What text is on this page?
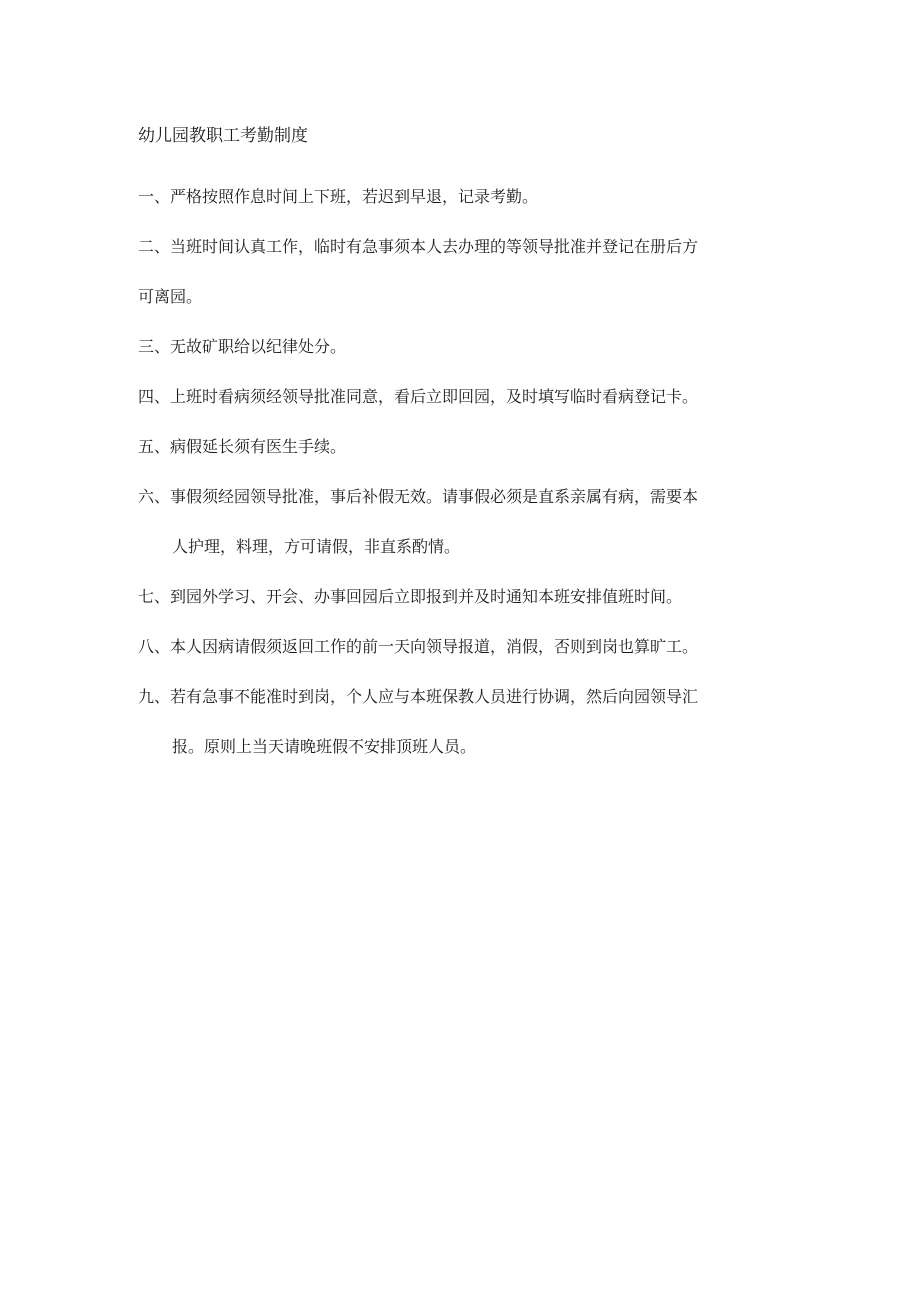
幼儿园教职工考勤制度
一、严格按照作息时间上下班，若迟到早退，记录考勤。
二、当班时间认真工作，临时有急事须本人去办理的等领导批准并登记在册后方
可离园。
三、无故矿职给以纪律处分。
四、上班时看病须经领导批准同意，看后立即回园，及时填写临时看病登记卡。
五、病假延长须有医生手续。
六、事假须经园领导批准，事后补假无效。请事假必须是直系亲属有病，需要本
人护理，料理，方可请假，非直系酌情。
七、到园外学习、开会、办事回园后立即报到并及时通知本班安排值班时间。
八、本人因病请假须返回工作的前一天向领导报道，消假，否则到岗也算旷工。
九、若有急事不能准时到岗，个人应与本班保教人员进行协调，然后向园领导汇
报。原则上当天请晚班假不安排顶班人员。
